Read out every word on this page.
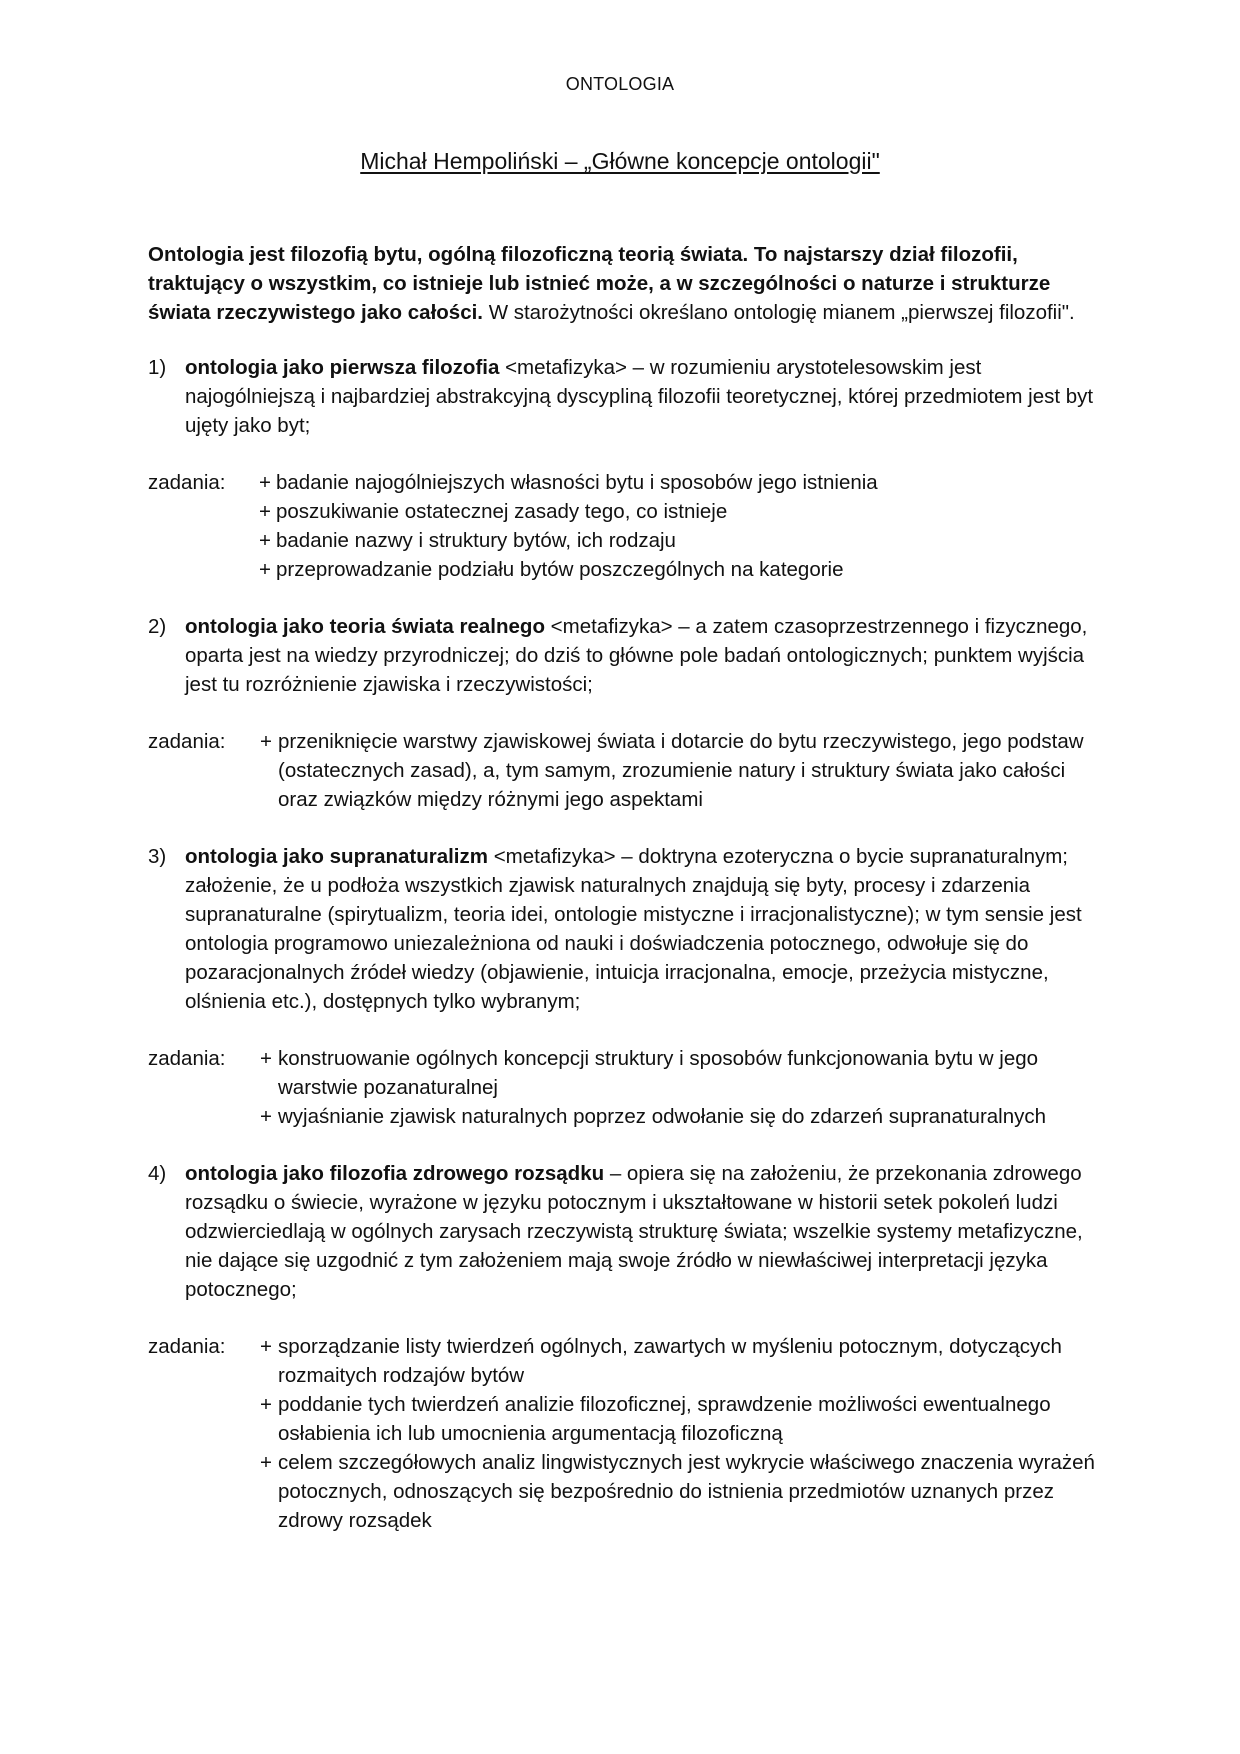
ONTOLOGIA
Michał Hempoliński – „Główne koncepcje ontologii"

Ontologia jest filozofią bytu, ogólną filozoficzną teorią świata. To najstarszy dział filozofii, traktujący o wszystkim, co istnieje lub istnieć może, a w szczególności o naturze i strukturze świata rzeczywistego jako całości. W starożytności określano ontologię mianem „pierwszej filozofii".

1) ontologia jako pierwsza filozofia <metafizyka> – w rozumieniu arystotelesowskim jest najogólniejszą i najbardziej abstrakcyjną dyscypliną filozofii teoretycznej, której przedmiotem jest byt ujęty jako byt;
zadania: + badanie najogólniejszych własności bytu i sposobów jego istnienia
+ poszukiwanie ostatecznej zasady tego, co istnieje
+ badanie nazwy i struktury bytów, ich rodzaju
+ przeprowadzanie podziału bytów poszczególnych na kategorie
2) ontologia jako teoria świata realnego <metafizyka> – a zatem czasoprzestrzennego i fizycznego, oparta jest na wiedzy przyrodniczej; do dziś to główne pole badań ontologicznych; punktem wyjścia jest tu rozróżnienie zjawiska i rzeczywistości;
zadania: + przeniknięcie warstwy zjawiskowej świata i dotarcie do bytu rzeczywistego, jego podstaw (ostatecznych zasad), a, tym samym, zrozumienie natury i struktury świata jako całości oraz związków między różnymi jego aspektami
3) ontologia jako supranaturalizm <metafizyka> – doktryna ezoteryczna o bycie supranaturalnym; założenie, że u podłoża wszystkich zjawisk naturalnych znajdują się byty, procesy i zdarzenia supranaturalne (spirytualizm, teoria idei, ontologie mistyczne i irracjonalistyczne); w tym sensie jest ontologia programowo uniezależniona od nauki i doświadczenia potocznego, odwołuje się do pozaracjonalnych źródeł wiedzy (objawienie, intuicja irracjonalna, emocje, przeżycia mistyczne, olśnienia etc.), dostępnych tylko wybranym;
zadania: + konstruowanie ogólnych koncepcji struktury i sposobów funkcjonowania bytu w jego warstwie pozanaturalnej
+ wyjaśnianie zjawisk naturalnych poprzez odwołanie się do zdarzeń supranaturalnych
4) ontologia jako filozofia zdrowego rozsądku – opiera się na założeniu, że przekonania zdrowego rozsądku o świecie, wyrażone w języku potocznym i ukształtowane w historii setek pokoleń ludzi odzwierciedlają w ogólnych zarysach rzeczywistą strukturę świata; wszelkie systemy metafizyczne, nie dające się uzgodnić z tym założeniem mają swoje źródło w niewłaściwej interpretacji języka potocznego;
zadania: + sporządzanie listy twierdzeń ogólnych, zawartych w myśleniu potocznym, dotyczących rozmaitych rodzajów bytów
+ poddanie tych twierdzeń analizie filozoficznej, sprawdzenie możliwości ewentualnego osłabienia ich lub umocnienia argumentacją filozoficzną
+ celem szczegółowych analiz lingwistycznych jest wykrycie właściwego znaczenia wyrażeń potocznych, odnoszących się bezpośrednio do istnienia przedmiotów uznanych przez zdrowy rozsądek
